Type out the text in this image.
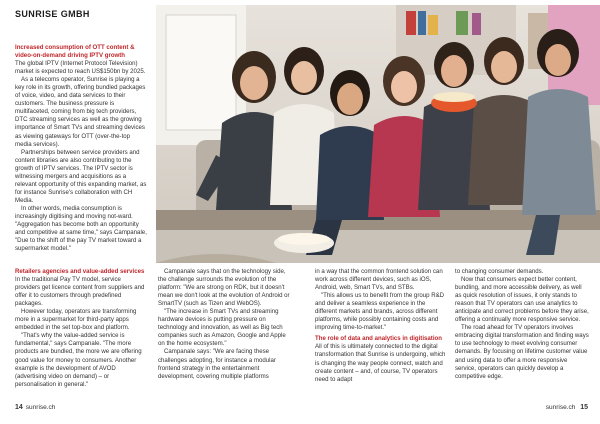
SUNRISE GMBH

Increased consumption of OTT content & video-on-demand driving IPTV growth

The global IPTV (Internet Protocol Television) market is expected to reach US$150bn by 2025.

As a telecoms operator, Sunrise is playing a key role in its growth, offering bundled packages of voice, video, and data services to their customers. The business pressure is multifaceted, coming from big tech providers, DTC streaming services as well as the growing importance of Smart TVs and streaming devices as viewing gateways for OTT (over-the-top media services).

Partnerships between service providers and content libraries are also contributing to the growth of IPTV services. The IPTV sector is witnessing mergers and acquisitions as a relevant opportunity of this expanding market, as for instance Sunrise's collaboration with CH Media.

In other words, media consumption is increasingly digitising and moving not-ward. "Aggregation has become both an opportunity and competitive at same time," says Campanale, "Due to the shift of the pay TV market toward a supermarket model."

Retailers agencies and value-added services

In the traditional Pay TV model, service providers get licence content from suppliers and offer it to customers through predefined packages.

However today, operators are transforming more in a supermarket for third-party apps embedded in the set top-box and platform.

"That's why the value-added service is fundamental," says Campanale. "The more products are bundled, the more we are offering good value for money to consumers. Another example is the development of AVOD (advertising video on demand) – or personalisation in general."

Campanale says that on the technology side, the challenge surrounds the evolution of the platform: "We are strong on RDK, but it doesn't mean we don't look at the evolution of Android or SmartTV (such as Tizen and WebOS).

"The increase in Smart TVs and streaming hardware devices is putting pressure on technology and innovation, as well as Big tech companies such as Amazon, Google and Apple on the home ecosystem."

Campanale says: "We are facing these challenges adopting, for instance a modular frontend strategy in the entertainment development, covering multiple platforms

in a way that the common frontend solution can work across different devices, such as iOS, Android, web, Smart TVs, and STBs.

"This allows us to benefit from the group R&D and deliver a seamless experience in the different markets and brands, across different platforms, while possibly containing costs and improving time-to-market."

The role of data and analytics in digitisation

All of this is ultimately connected to the digital transformation that Sunrise is undergoing, which is changing the way people connect, watch and create content – and, of course, TV operators need to adapt

to changing consumer demands.

Now that consumers expect better content, bundling, and more accessible delivery, as well as quick resolution of issues, it only stands to reason that TV operators can use analytics to anticipate and correct problems before they arise, offering a continually more responsive service.

The road ahead for TV operators involves embracing digital transformation and finding ways to use technology to meet evolving consumer demands. By focusing on lifetime customer value and using data to offer a more responsive service, operators can quickly develop a competitive edge.

14 sunrise.ch	sunrise.ch 15
